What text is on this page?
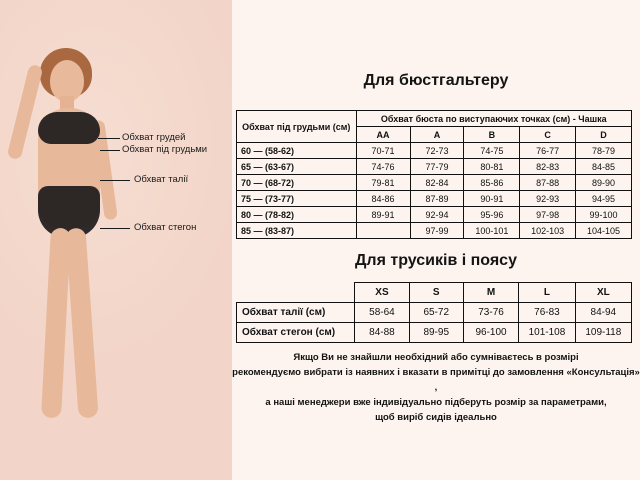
Обхват грудей
Обхват під грудьми
Обхват талії
Обхват стегон
Для бюстгальтеру
Обхват під грудьми (см)	Обхват бюста по виступаючих точках (см) - Чашка				
	AA	A	B	C	D
60 — (58-62)	70-71	72-73	74-75	76-77	78-79
65 — (63-67)	74-76	77-79	80-81	82-83	84-85
70 — (68-72)	79-81	82-84	85-86	87-88	89-90
75 — (73-77)	84-86	87-89	90-91	92-93	94-95
80 — (78-82)	89-91	92-94	95-96	97-98	99-100
85 — (83-87)		97-99	100-101	102-103	104-105
Для трусиків і поясу
	XS	S	M	L	XL
Обхват талії (см)	58-64	65-72	73-76	76-83	84-94
Обхват стегон (см)	84-88	89-95	96-100	101-108	109-118
Якщо Ви не знайшли необхідний або сумніваєтесь в розмірі
рекомендуємо вибрати із наявних і вказати в примітці до замовлення «Консультація» ,
а наші менеджери вже індивідуально підберуть розмір за параметрами,
щоб виріб сидів ідеально
